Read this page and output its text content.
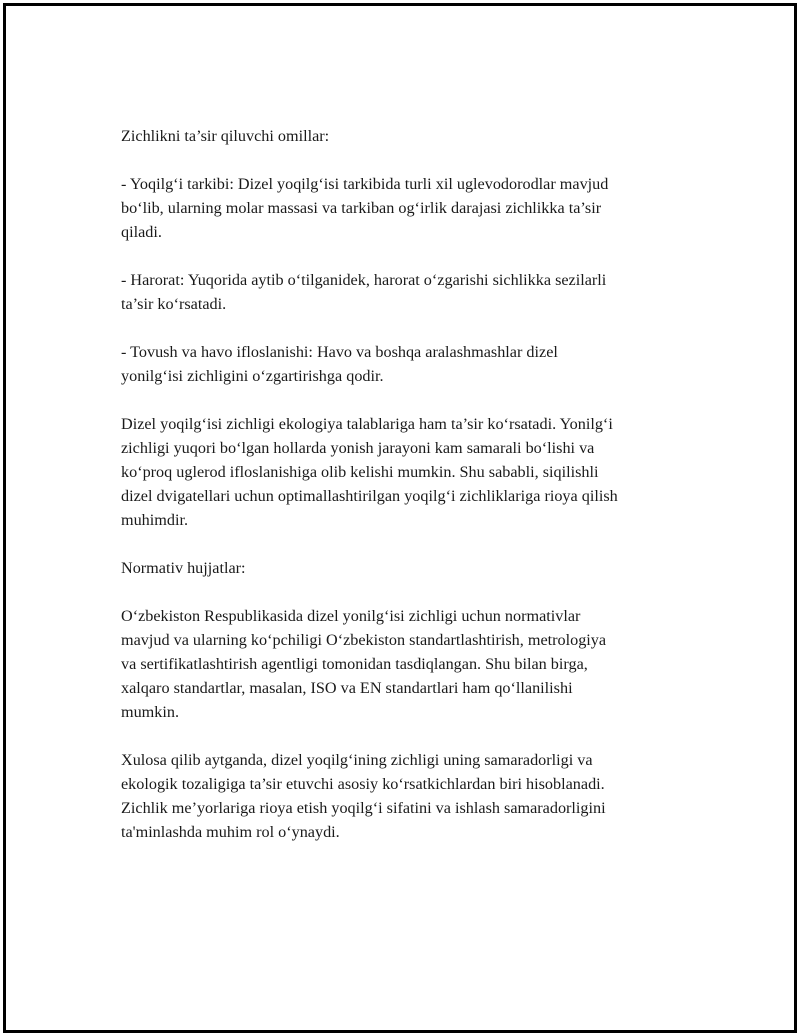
Zichlikni ta’sir qiluvchi omillar:

- Yoqilg‘i tarkibi: Dizel yoqilg‘isi tarkibida turli xil uglevodorodlar mavjud
bo‘lib, ularning molar massasi va tarkiban og‘irlik darajasi zichlikka ta’sir
qiladi.

- Harorat: Yuqorida aytib o‘tilganidek, harorat o‘zgarishi sichlikka sezilarli
ta’sir ko‘rsatadi.

- Tovush va havo ifloslanishi: Havo va boshqa aralashmashlar dizel
yonilg‘isi zichligini o‘zgartirishga qodir.

Dizel yoqilg‘isi zichligi ekologiya talablariga ham ta’sir ko‘rsatadi. Yonilg‘i
zichligi yuqori bo‘lgan hollarda yonish jarayoni kam samarali bo‘lishi va
ko‘proq uglerod ifloslanishiga olib kelishi mumkin. Shu sababli, siqilishli
dizel dvigatellari uchun optimallashtirilgan yoqilg‘i zichliklariga rioya qilish
muhimdir.

Normativ hujjatlar:

O‘zbekiston Respublikasida dizel yonilg‘isi zichligi uchun normativlar
mavjud va ularning ko‘pchiligi O‘zbekiston standartlashtirish, metrologiya
va sertifikatlashtirish agentligi tomonidan tasdiqlangan. Shu bilan birga,
xalqaro standartlar, masalan, ISO va EN standartlari ham qo‘llanilishi
mumkin.

Xulosa qilib aytganda, dizel yoqilg‘ining zichligi uning samaradorligi va
ekologik tozaligiga ta’sir etuvchi asosiy ko‘rsatkichlardan biri hisoblanadi.
Zichlik me’yorlariga rioya etish yoqilg‘i sifatini va ishlash samaradorligini
ta'minlashda muhim rol o‘ynaydi.
